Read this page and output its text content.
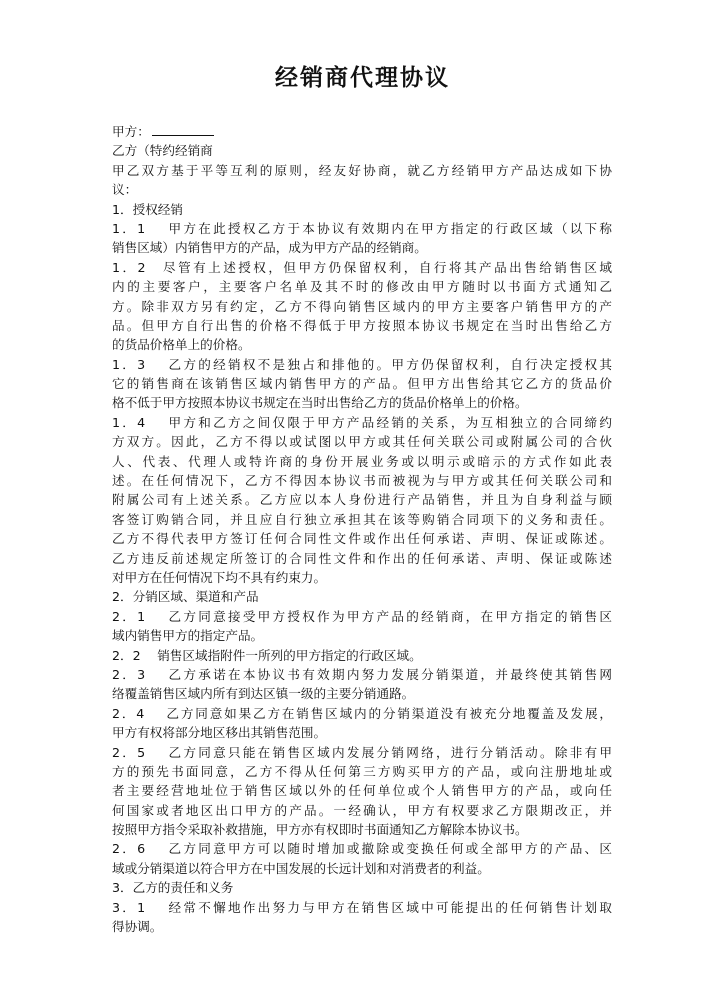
经销商代理协议
甲方：
乙方（特约经销商
甲乙双方基于平等互利的原则，经友好协商，就乙方经销甲方产品达成如下协
议：
1．授权经销
1．1　 甲方在此授权乙方于本协议有效期内在甲方指定的行政区域（以下称
销售区域）内销售甲方的产品，成为甲方产品的经销商。
1．2　尽管有上述授权，但甲方仍保留权利，自行将其产品出售给销售区域
内的主要客户，主要客户名单及其不时的修改由甲方随时以书面方式通知乙
方。除非双方另有约定，乙方不得向销售区域内的甲方主要客户销售甲方的产
品。但甲方自行出售的价格不得低于甲方按照本协议书规定在当时出售给乙方
的货品价格单上的价格。
1．3　 乙方的经销权不是独占和排他的。甲方仍保留权利，自行决定授权其
它的销售商在该销售区域内销售甲方的产品。但甲方出售给其它乙方的货品价
格不低于甲方按照本协议书规定在当时出售给乙方的货品价格单上的价格。
1．4　 甲方和乙方之间仅限于甲方产品经销的关系，为互相独立的合同缔约
方双方。因此，乙方不得以或试图以甲方或其任何关联公司或附属公司的合伙
人、代表、代理人或特许商的身份开展业务或以明示或暗示的方式作如此表
述。在任何情况下，乙方不得因本协议书而被视为与甲方或其任何关联公司和
附属公司有上述关系。乙方应以本人身份进行产品销售，并且为自身利益与顾
客签订购销合同，并且应自行独立承担其在该等购销合同项下的义务和责任。
乙方不得代表甲方签订任何合同性文件或作出任何承诺、声明、保证或陈述。
乙方违反前述规定所签订的合同性文件和作出的任何承诺、声明、保证或陈述
对甲方在任何情况下均不具有约束力。
2．分销区域、渠道和产品
2．1　 乙方同意接受甲方授权作为甲方产品的经销商，在甲方指定的销售区
域内销售甲方的指定产品。
2．2　 销售区域指附件一所列的甲方指定的行政区域。
2．3　 乙方承诺在本协议书有效期内努力发展分销渠道，并最终使其销售网
络覆盖销售区域内所有到达区镇一级的主要分销通路。
2．4　 乙方同意如果乙方在销售区域内的分销渠道没有被充分地覆盖及发展，
甲方有权将部分地区移出其销售范围。
2．5　 乙方同意只能在销售区域内发展分销网络，进行分销活动。除非有甲
方的预先书面同意，乙方不得从任何第三方购买甲方的产品，或向注册地址或
者主要经营地址位于销售区域以外的任何单位或个人销售甲方的产品，或向任
何国家或者地区出口甲方的产品。一经确认，甲方有权要求乙方限期改正，并
按照甲方指令采取补救措施，甲方亦有权即时书面通知乙方解除本协议书。
2．6　 乙方同意甲方可以随时增加或撤除或变换任何或全部甲方的产品、区
域或分销渠道以符合甲方在中国发展的长远计划和对消费者的利益。
3．乙方的责任和义务
3．1　 经常不懈地作出努力与甲方在销售区域中可能提出的任何销售计划取
得协调。
